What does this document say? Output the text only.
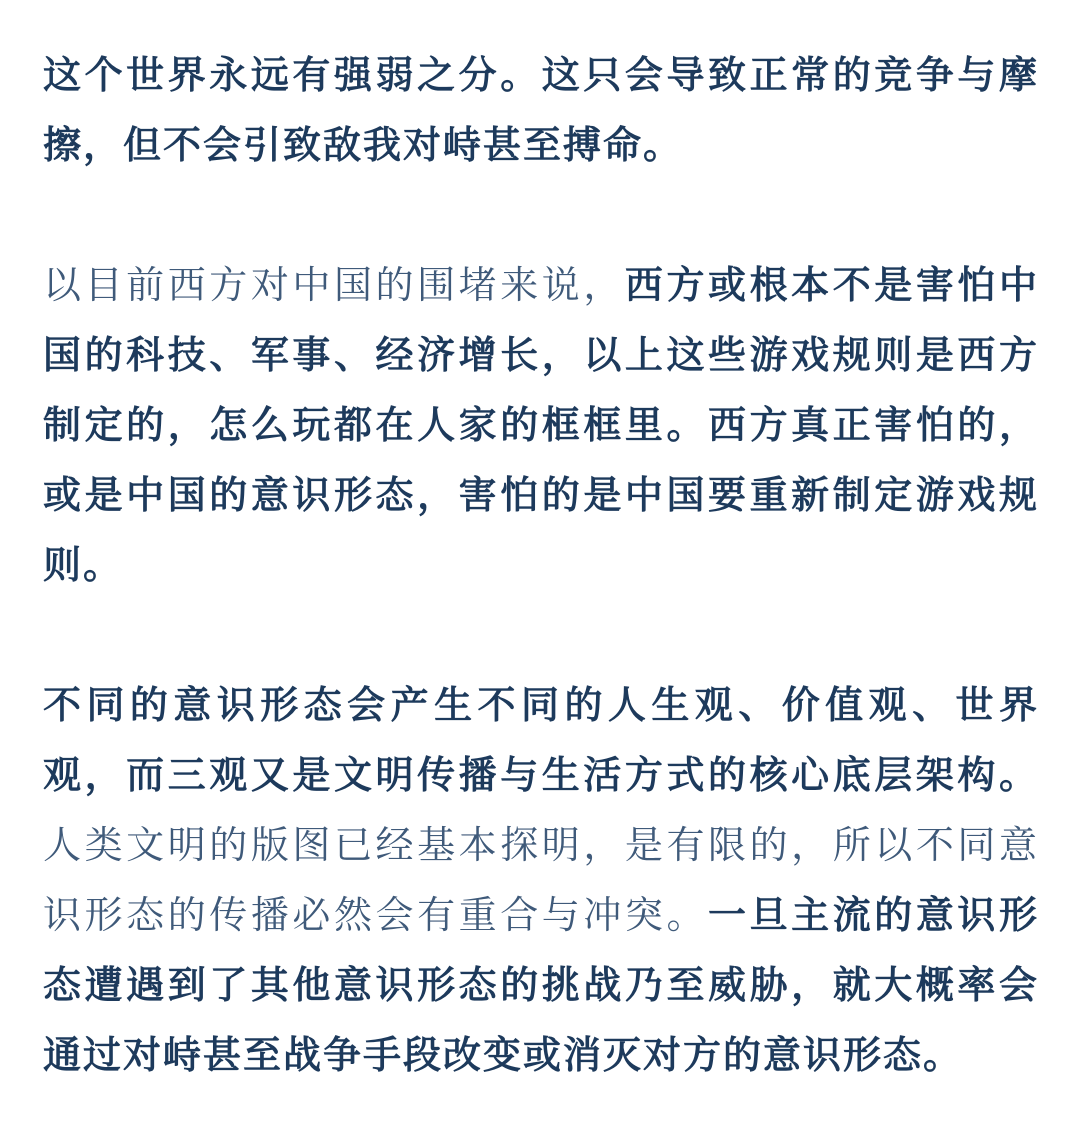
这个世界永远有强弱之分。这只会导致正常的竞争与摩擦，但不会引致敌我对峙甚至搏命。

以目前西方对中国的围堵来说，西方或根本不是害怕中国的科技、军事、经济增长，以上这些游戏规则是西方制定的，怎么玩都在人家的框框里。西方真正害怕的，或是中国的意识形态，害怕的是中国要重新制定游戏规则。

不同的意识形态会产生不同的人生观、价值观、世界观，而三观又是文明传播与生活方式的核心底层架构。人类文明的版图已经基本探明，是有限的，所以不同意识形态的传播必然会有重合与冲突。一旦主流的意识形态遭遇到了其他意识形态的挑战乃至威胁，就大概率会通过对峙甚至战争手段改变或消灭对方的意识形态。
